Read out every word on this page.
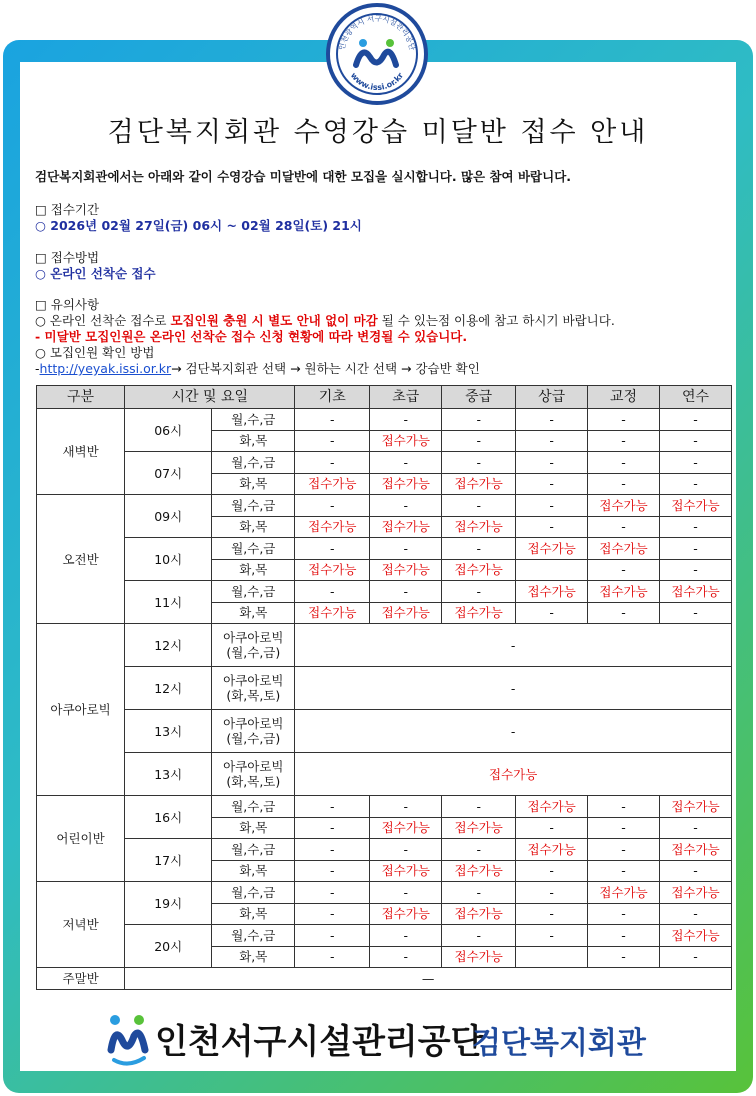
인천광역시 서구시설관리공단
www.issi.or.kr
검단복지회관 수영강습 미달반 접수 안내
검단복지회관에서는 아래와 같이 수영강습 미달반에 대한 모집을 실시합니다. 많은 참여 바랍니다.
□ 접수기간
○ 2026년 02월 27일(금) 06시 ~ 02월 28일(토) 21시
□ 접수방법
○ 온라인 선착순 접수
□ 유의사항
○ 온라인 선착순 접수로 모집인원 충원 시 별도 안내 없이 마감 될 수 있는점 이용에 참고 하시기 바랍니다.
- 미달반 모집인원은 온라인 선착순 접수 신청 현황에 따라 변경될 수 있습니다.
○ 모집인원 확인 방법
-http://yeyak.issi.or.kr→ 검단복지회관 선택 → 원하는 시간 선택 → 강습반 확인
구분	시간 및 요일		기초	초급	중급	상급	교정	연수
새벽반	06시	월,수,금	-	-	-	-	-	-
		화,목	-	접수가능	-	-	-	-
	07시	월,수,금	-	-	-	-	-	-
		화,목	접수가능	접수가능	접수가능	-	-	-
오전반	09시	월,수,금	-	-	-	-	접수가능	접수가능
		화,목	접수가능	접수가능	접수가능	-	-	-
	10시	월,수,금	-	-	-	접수가능	접수가능	-
		화,목	접수가능	접수가능	접수가능		-	-
	11시	월,수,금	-	-	-	접수가능	접수가능	접수가능
		화,목	접수가능	접수가능	접수가능	-	-	-
아쿠아로빅	12시	아쿠아로빅
(월,수,금)	-					
	12시	아쿠아로빅
(화,목,토)	-					
	13시	아쿠아로빅
(월,수,금)	-					
	13시	아쿠아로빅
(화,목,토)	접수가능					
어린이반	16시	월,수,금	-	-	-	접수가능	-	접수가능
		화,목	-	접수가능	접수가능	-	-	-
	17시	월,수,금	-	-	-	접수가능	-	접수가능
		화,목	-	접수가능	접수가능	-	-	-
저녁반	19시	월,수,금	-	-	-	-	접수가능	접수가능
		화,목	-	접수가능	접수가능	-	-	-
	20시	월,수,금	-	-	-	-	-	접수가능
		화,목	-	-	접수가능		-	-
주말반	—							
인천서구시설관리공단
검단복지회관
